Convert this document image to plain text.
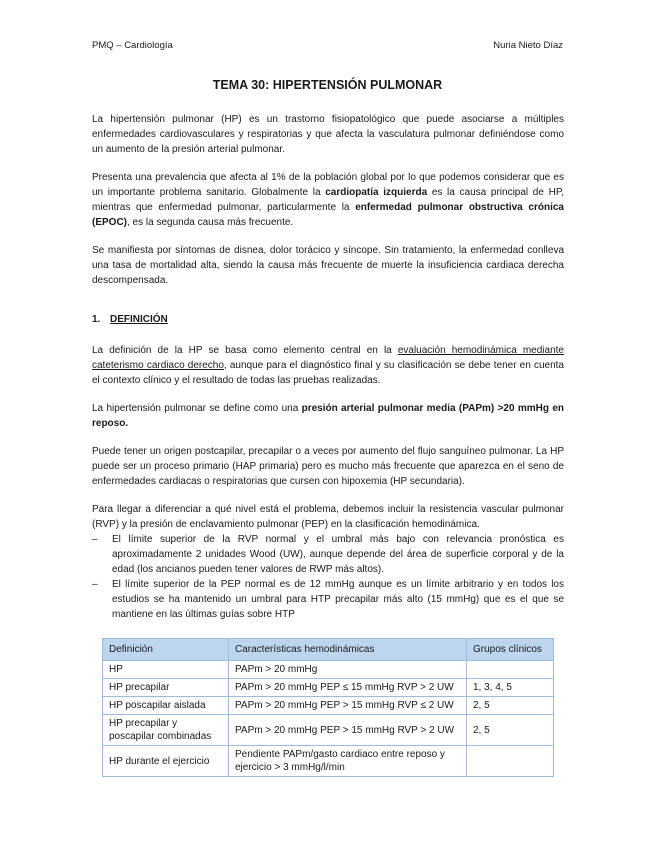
PMQ – Cardiología	Nuria Nieto Díaz
TEMA 30: HIPERTENSIÓN PULMONAR

La hipertensión pulmonar (HP) es un trastorno fisiopatológico que puede asociarse a múltiples enfermedades cardiovasculares y respiratorias y que afecta la vasculatura pulmonar definiéndose como un aumento de la presión arterial pulmonar.

Presenta una prevalencia que afecta al 1% de la población global por lo que podemos considerar que es un importante problema sanitario. Globalmente la cardiopatía izquierda es la causa principal de HP, mientras que enfermedad pulmonar, particularmente la enfermedad pulmonar obstructiva crónica (EPOC), es la segunda causa más frecuente.

Se manifiesta por síntomas de disnea, dolor torácico y síncope. Sin tratamiento, la enfermedad conlleva una tasa de mortalidad alta, siendo la causa más frecuente de muerte la insuficiencia cardiaca derecha descompensada.

1. DEFINICIÓN

La definición de la HP se basa como elemento central en la evaluación hemodinámica mediante cateterismo cardiaco derecho, aunque para el diagnóstico final y su clasificación se debe tener en cuenta el contexto clínico y el resultado de todas las pruebas realizadas.

La hipertensión pulmonar se define como una presión arterial pulmonar media (PAPm) >20 mmHg en reposo.

Puede tener un origen postcapilar, precapilar o a veces por aumento del flujo sanguíneo pulmonar. La HP puede ser un proceso primario (HAP primaria) pero es mucho más frecuente que aparezca en el seno de enfermedades cardiacas o respiratorias que cursen con hipoxemia (HP secundaria).

Para llegar a diferenciar a qué nivel está el problema, debemos incluir la resistencia vascular pulmonar (RVP) y la presión de enclavamiento pulmonar (PEP) en la clasificación hemodinámica.

– El límite superior de la RVP normal y el umbral más bajo con relevancia pronóstica es aproximadamente 2 unidades Wood (UW), aunque depende del área de superficie corporal y de la edad (los ancianos pueden tener valores de RWP más altos).
– El límite superior de la PEP normal es de 12 mmHg aunque es un límite arbitrario y en todos los estudios se ha mantenido un umbral para HTP precapilar más alto (15 mmHg) que es el que se mantiene en las últimas guías sobre HTP
Definición	Características hemodinámicas	Grupos clínicos
HP	PAPm > 20 mmHg	
HP precapilar	PAPm > 20 mmHg PEP ≤ 15 mmHg RVP > 2 UW	1, 3, 4, 5
HP poscapilar aislada	PAPm > 20 mmHg PEP > 15 mmHg RVP ≤ 2 UW	2, 5
HP precapilar y poscapilar combinadas	PAPm > 20 mmHg PEP > 15 mmHg RVP > 2 UW	2, 5
HP durante el ejercicio	Pendiente PAPm/gasto cardiaco entre reposo y ejercicio > 3 mmHg/l/min	
